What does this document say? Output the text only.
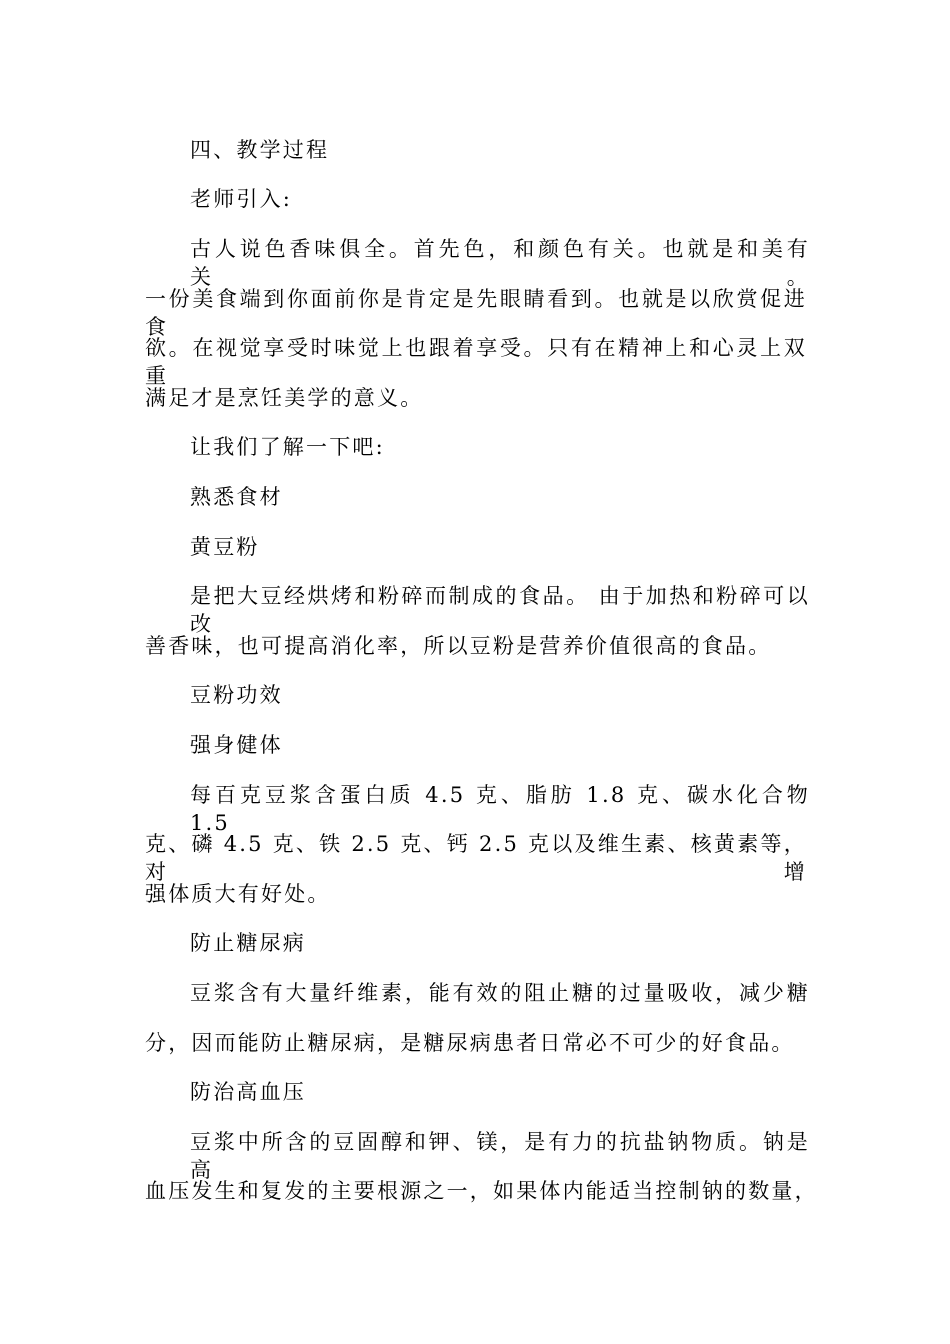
四、教学过程
老师引入:
古人说色香味俱全。首先色，和颜色有关。也就是和美有关。
一份美食端到你面前你是肯定是先眼睛看到。也就是以欣赏促进食
欲。在视觉享受时味觉上也跟着享受。只有在精神上和心灵上双重
满足才是烹饪美学的意义。
让我们了解一下吧:
熟悉食材
黄豆粉
是把大豆经烘烤和粉碎而制成的食品。 由于加热和粉碎可以改
善香味，也可提高消化率，所以豆粉是营养价值很高的食品。
豆粉功效
强身健体
每百克豆浆含蛋白质 4.5 克、脂肪 1.8 克、碳水化合物 1.5
克、磷 4.5 克、铁 2.5 克、钙 2.5 克以及维生素、核黄素等，对增
强体质大有好处。
防止糖尿病
豆浆含有大量纤维素，能有效的阻止糖的过量吸收，减少糖
分，因而能防止糖尿病，是糖尿病患者日常必不可少的好食品。
防治高血压
豆浆中所含的豆固醇和钾、镁，是有力的抗盐钠物质。钠是高
血压发生和复发的主要根源之一，如果体内能适当控制钠的数量，
